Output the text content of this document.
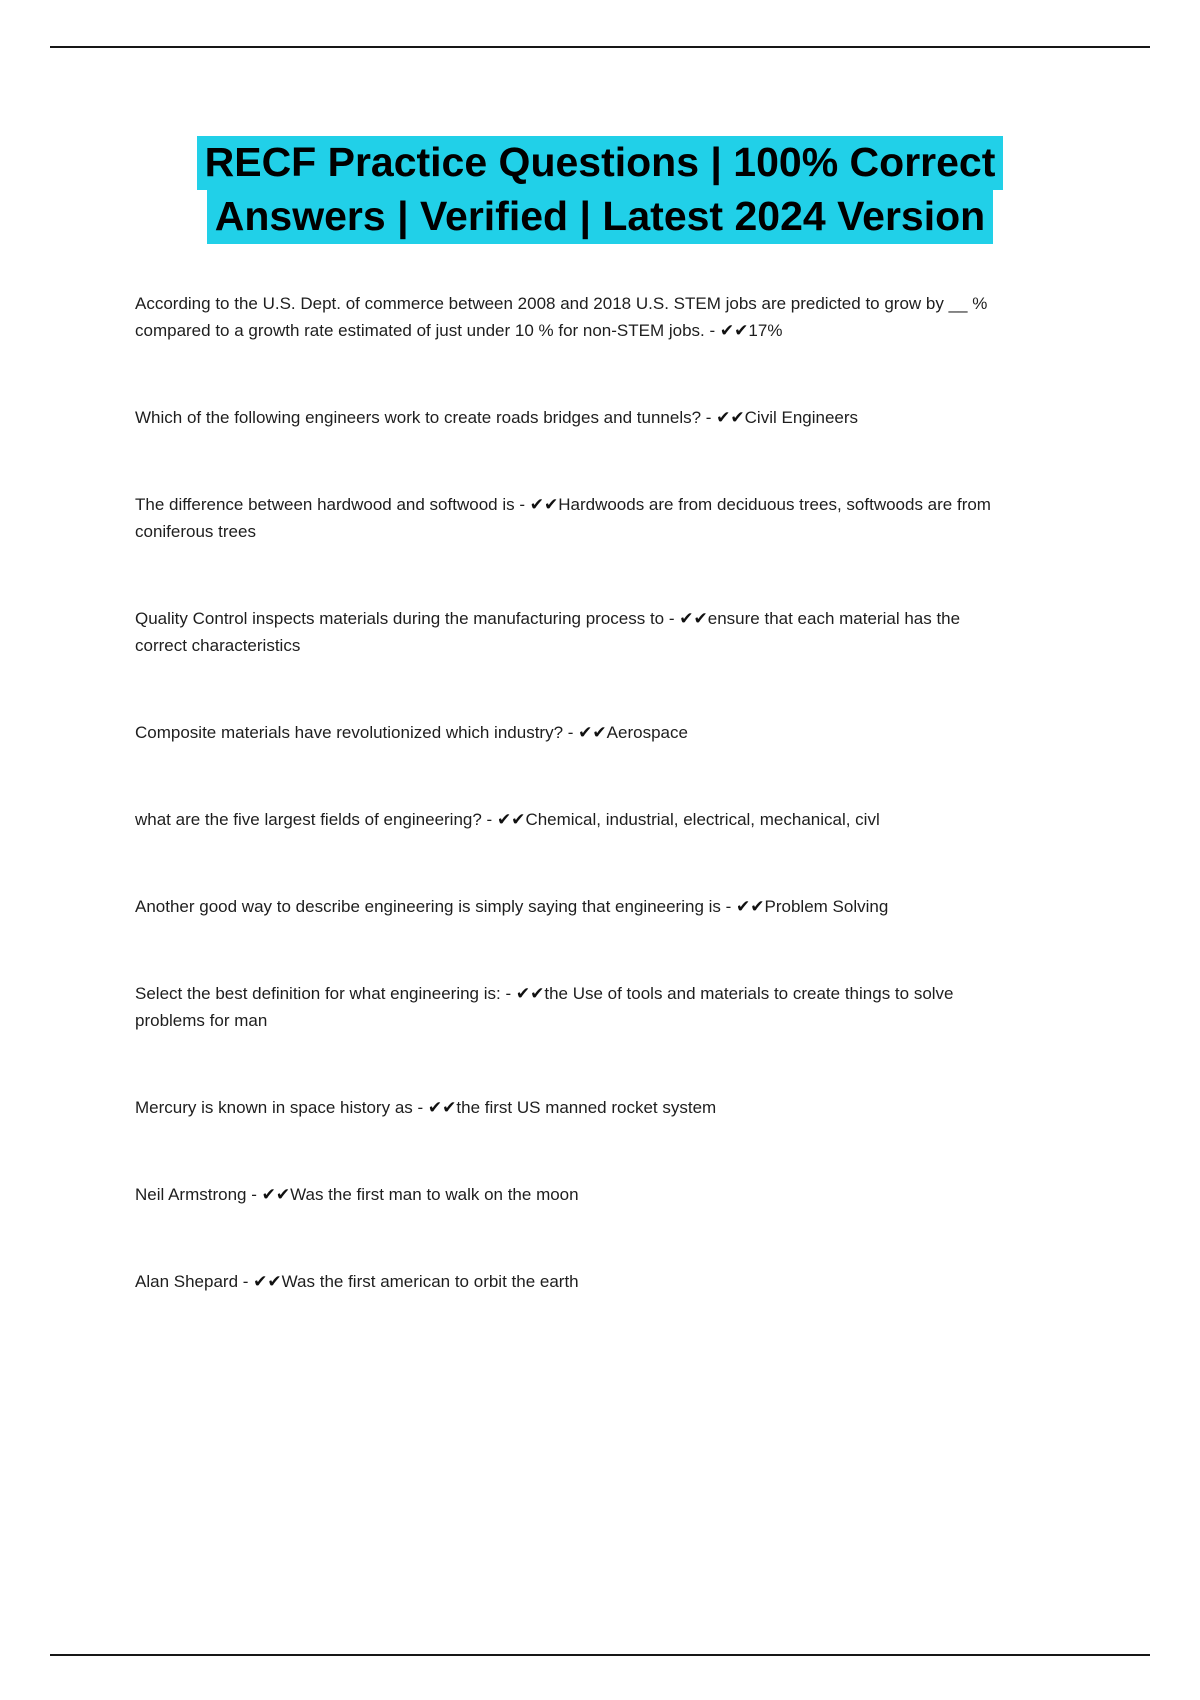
RECF Practice Questions | 100% Correct
Answers | Verified | Latest 2024 Version

According to the U.S. Dept. of commerce between 2008 and 2018 U.S. STEM jobs are predicted to grow by __ % compared to a growth rate estimated of just under 10 % for non-STEM jobs. - ✔✔17%

Which of the following engineers work to create roads bridges and tunnels? - ✔✔Civil Engineers

The difference between hardwood and softwood is - ✔✔Hardwoods are from deciduous trees, softwoods are from coniferous trees

Quality Control inspects materials during the manufacturing process to - ✔✔ensure that each material has the correct characteristics

Composite materials have revolutionized which industry? - ✔✔Aerospace

what are the five largest fields of engineering? - ✔✔Chemical, industrial, electrical, mechanical, civl

Another good way to describe engineering is simply saying that engineering is - ✔✔Problem Solving

Select the best definition for what engineering is: - ✔✔the Use of tools and materials to create things to solve problems for man

Mercury is known in space history as - ✔✔the first US manned rocket system

Neil Armstrong - ✔✔Was the first man to walk on the moon

Alan Shepard - ✔✔Was the first american to orbit the earth
